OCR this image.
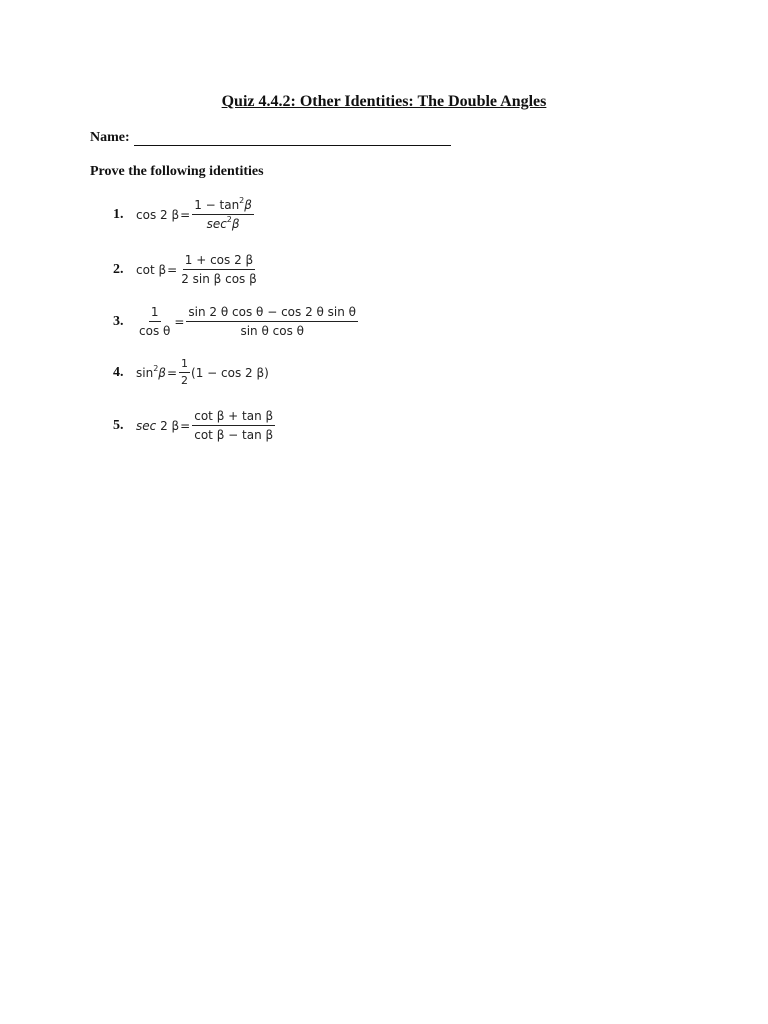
Quiz 4.4.2: Other Identities: The Double Angles
Name:
Prove the following identities
1.	cos 2 $\beta = \frac{1 - \tan^2\beta}{\sec^2\beta}$
2.	$\cot \beta = \frac{1 + \cos 2 \beta}{\text{2 sin β cos β}}$
3.	$\frac{1}{\text{cos θ}} = \frac{\text{sin 2 θ cos θ − cos 2 θ sin θ}}{\text{sin θ cos θ}}$
4.	$\sin^2\beta = \frac{1}{2} (1 - \cos 2$ β)
5.	sec 2 $\beta = \frac{\text{cot β + tan β}}{\text{cot β − tan β}}$
